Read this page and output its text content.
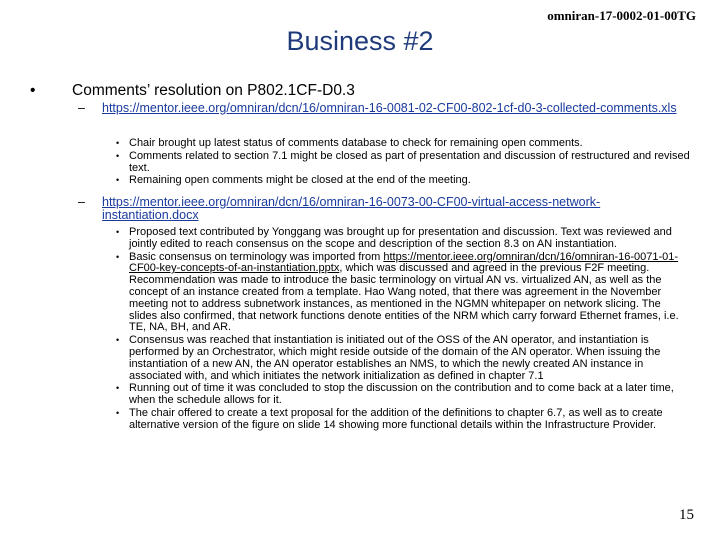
omniran-17-0002-01-00TG
Business #2
• Comments’ resolution on P802.1CF-D0.3
– https://mentor.ieee.org/omniran/dcn/16/omniran-16-0081-02-CF00-802-1cf-d0-3-collected-comments.xls
• Chair brought up latest status of comments database to check for remaining open comments.
• Comments related to section 7.1 might be closed as part of presentation and discussion of restructured and revised text.
• Remaining open comments might be closed at the end of the meeting.
– https://mentor.ieee.org/omniran/dcn/16/omniran-16-0073-00-CF00-virtual-access-network-instantiation.docx
• Proposed text contributed by Yonggang was brought up for presentation and discussion. Text was reviewed and jointly edited to reach consensus on the scope and description of the section 8.3 on AN instantiation.
• Basic consensus on terminology was imported from https://mentor.ieee.org/omniran/dcn/16/omniran-16-0071-01-CF00-key-concepts-of-an-instantiation.pptx, which was discussed and agreed in the previous F2F meeting. Recommendation was made to introduce the basic terminology on virtual AN vs. virtualized AN, as well as the concept of an instance created from a template. Hao Wang noted, that there was agreement in the November meeting not to address subnetwork instances, as mentioned in the NGMN whitepaper on network slicing. The slides also confirmed, that network functions denote entities of the NRM which carry forward Ethernet frames, i.e. TE, NA, BH, and AR.
• Consensus was reached that instantiation is initiated out of the OSS of the AN operator, and instantiation is performed by an Orchestrator, which might reside outside of the domain of the AN operator. When issuing the instantiation of a new AN, the AN operator establishes an NMS, to which the newly created AN instance in associated with, and which initiates the network initialization as defined in chapter 7.1
• Running out of time it was concluded to stop the discussion on the contribution and to come back at a later time, when the schedule allows for it.
• The chair offered to create a text proposal for the addition of the definitions to chapter 6.7, as well as to create alternative version of the figure on slide 14 showing more functional details within the Infrastructure Provider.
15
